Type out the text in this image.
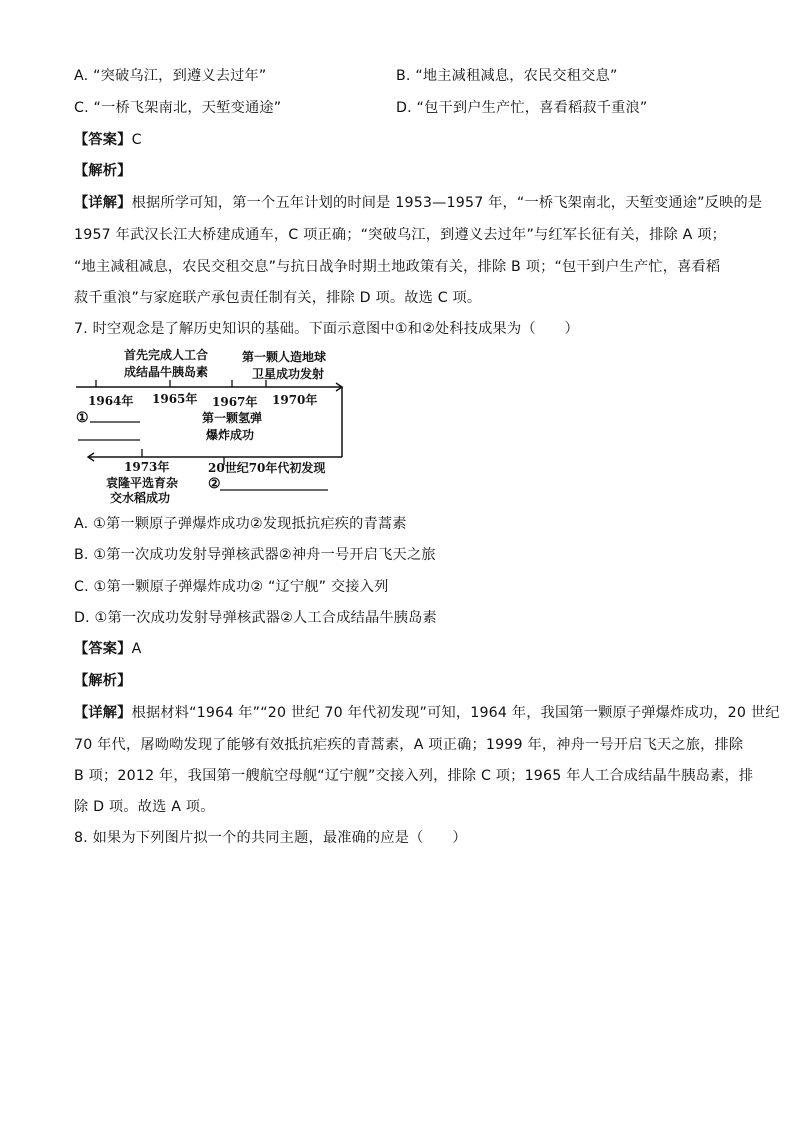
A. “突破乌江，到遵义去过年”	B. “地主减租减息，农民交租交息”
C. “一桥飞架南北，天堑变通途”	D. “包干到户生产忙，喜看稻菽千重浪”
【答案】C
【解析】
【详解】根据所学可知，第一个五年计划的时间是 1953—1957 年，“一桥飞架南北，天堑变通途”反映的是
1957 年武汉长江大桥建成通车，C 项正确；“突破乌江，到遵义去过年”与红军长征有关，排除 A 项；
“地主减租减息，农民交租交息”与抗日战争时期土地政策有关，排除 B 项；“包干到户生产忙，喜看稻
菽千重浪”与家庭联产承包责任制有关，排除 D 项。故选 C 项。
7. 时空观念是了解历史知识的基础。下面示意图中①和②处科技成果为（　　）
首先完成人工合
成结晶牛胰岛素
第一颗人造地球
卫星成功发射
1964年 1965年 1967年 1970年
①	第一颗氢弹
爆炸成功
1973年
袁隆平选育杂
交水稻成功
20世纪70年代初发现
②
A. ①第一颗原子弹爆炸成功②发现抵抗疟疾的青蒿素
B. ①第一次成功发射导弹核武器②神舟一号开启飞天之旅
C. ①第一颗原子弹爆炸成功② “辽宁舰” 交接入列
D. ①第一次成功发射导弹核武器②人工合成结晶牛胰岛素
【答案】A
【解析】
【详解】根据材料“1964 年”“20 世纪 70 年代初发现”可知，1964 年，我国第一颗原子弹爆炸成功，20 世纪
70 年代，屠呦呦发现了能够有效抵抗疟疾的青蒿素，A 项正确；1999 年，神舟一号开启飞天之旅，排除
B 项；2012 年，我国第一艘航空母舰“辽宁舰”交接入列，排除 C 项；1965 年人工合成结晶牛胰岛素，排
除 D 项。故选 A 项。
8. 如果为下列图片拟一个的共同主题，最准确的应是（　　）
